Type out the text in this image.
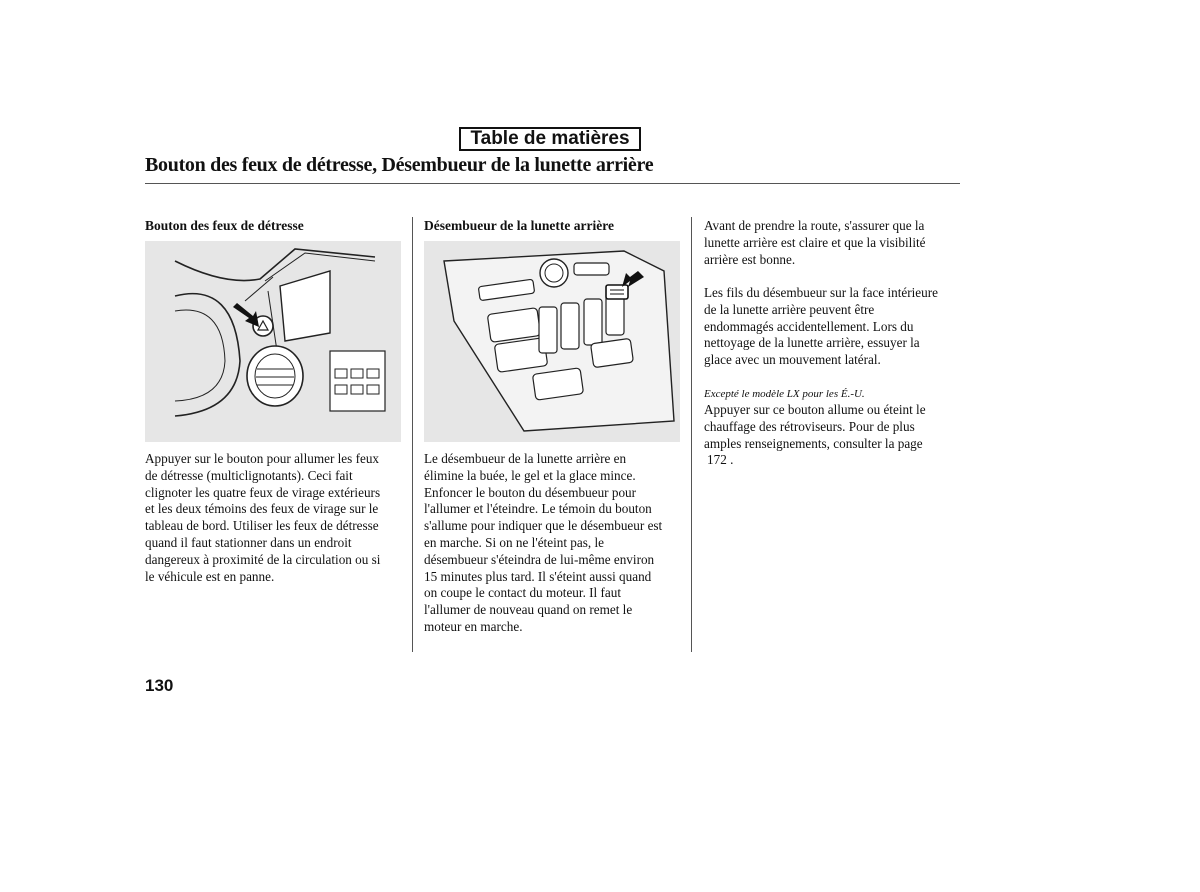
Table de matières
Bouton des feux de détresse, Désembueur de la lunette arrière
Bouton des feux de détresse

Appuyer sur le bouton pour allumer les feux
de détresse (multiclignotants). Ceci fait
clignoter les quatre feux de virage extérieurs
et les deux témoins des feux de virage sur le
tableau de bord. Utiliser les feux de détresse
quand il faut stationner dans un endroit
dangereux à proximité de la circulation ou si
le véhicule est en panne.

Désembueur de la lunette arrière

Le désembueur de la lunette arrière en
élimine la buée, le gel et la glace mince.
Enfoncer le bouton du désembueur pour
l'allumer et l'éteindre. Le témoin du bouton
s'allume pour indiquer que le désembueur est
en marche. Si on ne l'éteint pas, le
désembueur s'éteindra de lui-même environ
15 minutes plus tard. Il s'éteint aussi quand
on coupe le contact du moteur. Il faut
l'allumer de nouveau quand on remet le
moteur en marche.

Avant de prendre la route, s'assurer que la
lunette arrière est claire et que la visibilité
arrière est bonne.

Les fils du désembueur sur la face intérieure
de la lunette arrière peuvent être
endommagés accidentellement. Lors du
nettoyage de la lunette arrière, essuyer la
glace avec un mouvement latéral.

Excepté le modèle LX pour les É.-U.

Appuyer sur ce bouton allume ou éteint le
chauffage des rétroviseurs. Pour de plus
amples renseignements, consulter la page

172 .
130
